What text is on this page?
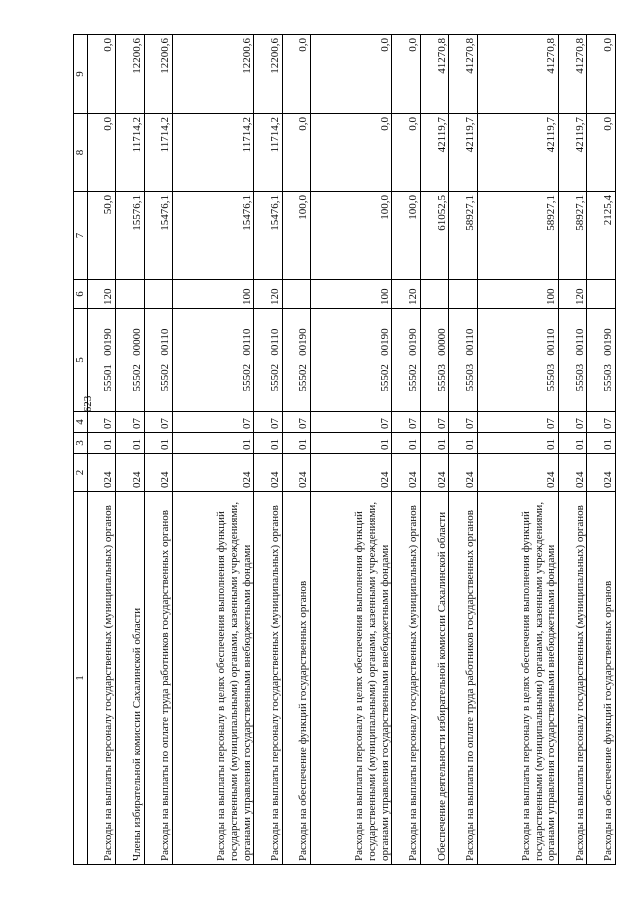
623
1	2	3	4	5	6	7	8	9
Расходы на выплаты персоналу государственных (муниципальных) органов	024	01	07	55501   00190	120	50,0	0,0	0,0
Члены избирательной комиссии Сахалинской области	024	01	07	55502   00000		15576,1	11714,2	12200,6
Расходы на выплаты по оплате труда работников государственных органов	024	01	07	55502   00110		15476,1	11714,2	12200,6
Расходы на выплаты персоналу в целях обеспечения выполнения функций государственными (муниципальными) органами, казенными учреждениями, органами управления государственными внебюджетными фондами	024	01	07	55502   00110	100	15476,1	11714,2	12200,6
Расходы на выплаты персоналу государственных (муниципальных) органов	024	01	07	55502   00110	120	15476,1	11714,2	12200,6
Расходы на обеспечение функций государственных органов	024	01	07	55502   00190		100,0	0,0	0,0
Расходы на выплаты персоналу в целях обеспечения выполнения функций государственными (муниципальными) органами, казенными учреждениями, органами управления государственными внебюджетными фондами	024	01	07	55502   00190	100	100,0	0,0	0,0
Расходы на выплаты персоналу государственных (муниципальных) органов	024	01	07	55502   00190	120	100,0	0,0	0,0
Обеспечение деятельности избирательной комиссии Сахалинской области	024	01	07	55503   00000		61052,5	42119,7	41270,8
Расходы на выплаты по оплате труда работников государственных органов	024	01	07	55503   00110		58927,1	42119,7	41270,8
Расходы на выплаты персоналу в целях обеспечения выполнения функций государственными (муниципальными) органами, казенными учреждениями, органами управления государственными внебюджетными фондами	024	01	07	55503   00110	100	58927,1	42119,7	41270,8
Расходы на выплаты персоналу государственных (муниципальных) органов	024	01	07	55503   00110	120	58927,1	42119,7	41270,8
Расходы на обеспечение функций государственных органов	024	01	07	55503   00190		2125,4	0,0	0,0
